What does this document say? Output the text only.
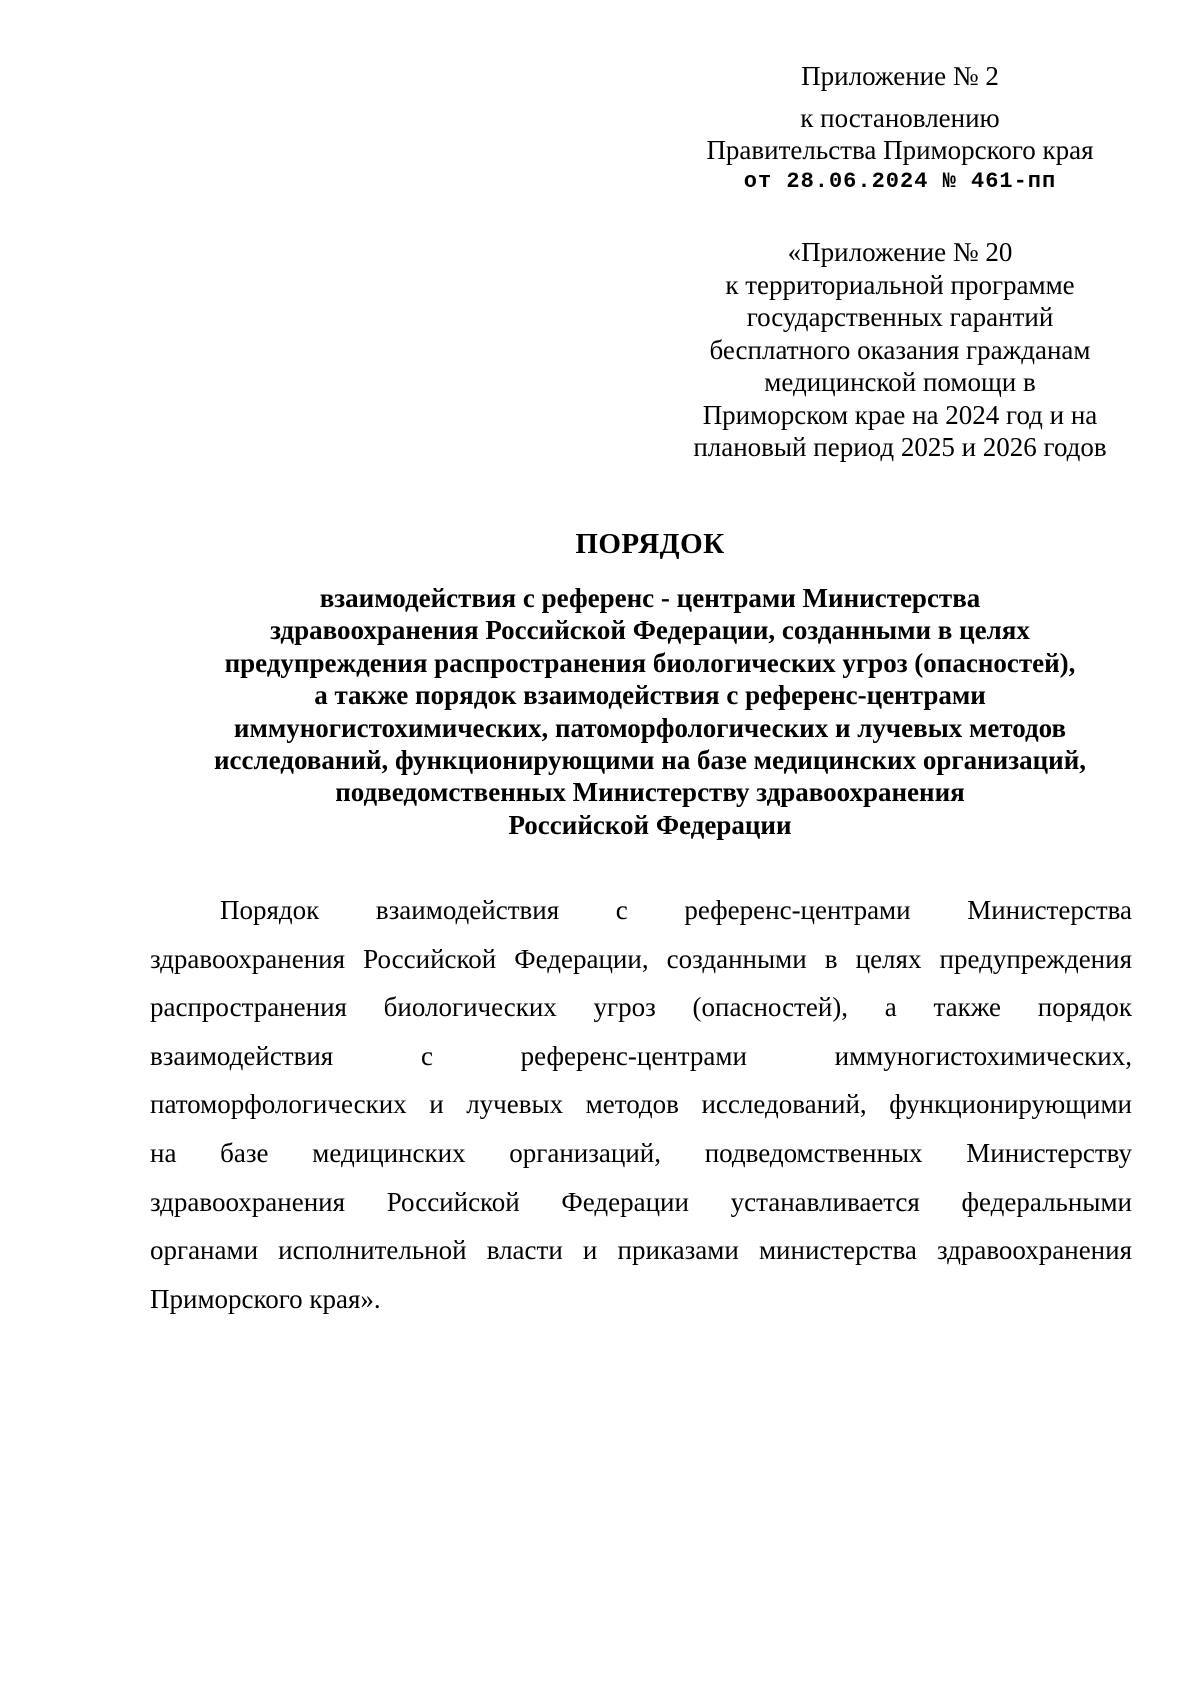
Приложение № 2
к постановлению
Правительства Приморского края
от 28.06.2024 № 461-пп
«Приложение № 20
к территориальной программе
государственных гарантий
бесплатного оказания гражданам
медицинской помощи в
Приморском крае на 2024 год и на
плановый период 2025 и 2026 годов
ПОРЯДОК
взаимодействия с референс - центрами Министерства
здравоохранения Российской Федерации, созданными в целях
предупреждения распространения биологических угроз (опасностей),
а также порядок взаимодействия с референс-центрами
иммуногистохимических, патоморфологических и лучевых методов
исследований, функционирующими на базе медицинских организаций,
подведомственных Министерству здравоохранения
Российской Федерации
Порядок взаимодействия с референс-центрами Министерства
здравоохранения Российской Федерации, созданными в целях предупреждения
распространения биологических угроз (опасностей), а также порядок
взаимодействия с референс-центрами иммуногистохимических,
патоморфологических и лучевых методов исследований, функционирующими
на базе медицинских организаций, подведомственных Министерству
здравоохранения Российской Федерации устанавливается федеральными
органами исполнительной власти и приказами министерства здравоохранения
Приморского края».
